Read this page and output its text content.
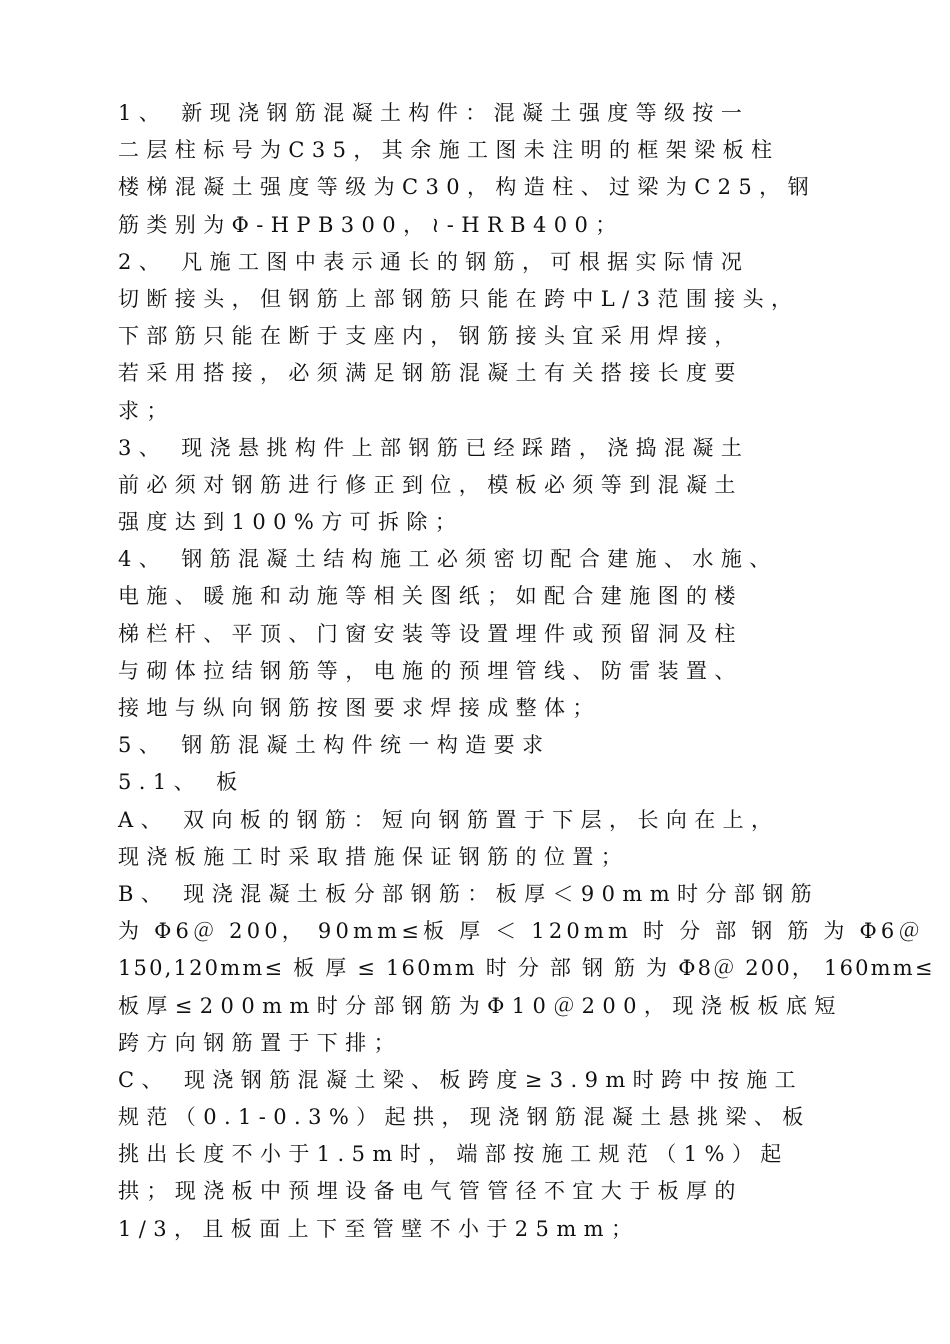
1、 新现浇钢筋混凝土构件：混凝土强度等级按一
二层柱标号为C35，其余施工图未注明的框架梁板柱
楼梯混凝土强度等级为C30，构造柱、过梁为C25，钢
筋类别为Φ-HPB300，≀-HRB400；
2、 凡施工图中表示通长的钢筋，可根据实际情况
切断接头，但钢筋上部钢筋只能在跨中L/3范围接头，
下部筋只能在断于支座内，钢筋接头宜采用焊接，
若采用搭接，必须满足钢筋混凝土有关搭接长度要
求；
3、 现浇悬挑构件上部钢筋已经踩踏，浇捣混凝土
前必须对钢筋进行修正到位，模板必须等到混凝土
强度达到100%方可拆除；
4、 钢筋混凝土结构施工必须密切配合建施、水施、
电施、暖施和动施等相关图纸；如配合建施图的楼
梯栏杆、平顶、门窗安装等设置埋件或预留洞及柱
与砌体拉结钢筋等，电施的预埋管线、防雷装置、
接地与纵向钢筋按图要求焊接成整体；
5、 钢筋混凝土构件统一构造要求
5.1、 板
A、 双向板的钢筋：短向钢筋置于下层，长向在上，
现浇板施工时采取措施保证钢筋的位置；
B、 现浇混凝土板分部钢筋：板厚＜90mm时分部钢筋
为 Φ6＠ 200， 90mm≤板 厚 ＜ 120mm 时 分 部 钢 筋 为 Φ6＠
150,120mm≤ 板 厚 ≤ 160mm 时 分 部 钢 筋 为 Φ8＠ 200， 160mm≤
板厚≤200mm时分部钢筋为Φ10＠200，现浇板板底短
跨方向钢筋置于下排；
C、 现浇钢筋混凝土梁、板跨度≥3.9m时跨中按施工
规范（0.1-0.3%）起拱，现浇钢筋混凝土悬挑梁、板
挑出长度不小于1.5m时，端部按施工规范（1%）起
拱；现浇板中预埋设备电气管管径不宜大于板厚的
1/3，且板面上下至管壁不小于25mm；
